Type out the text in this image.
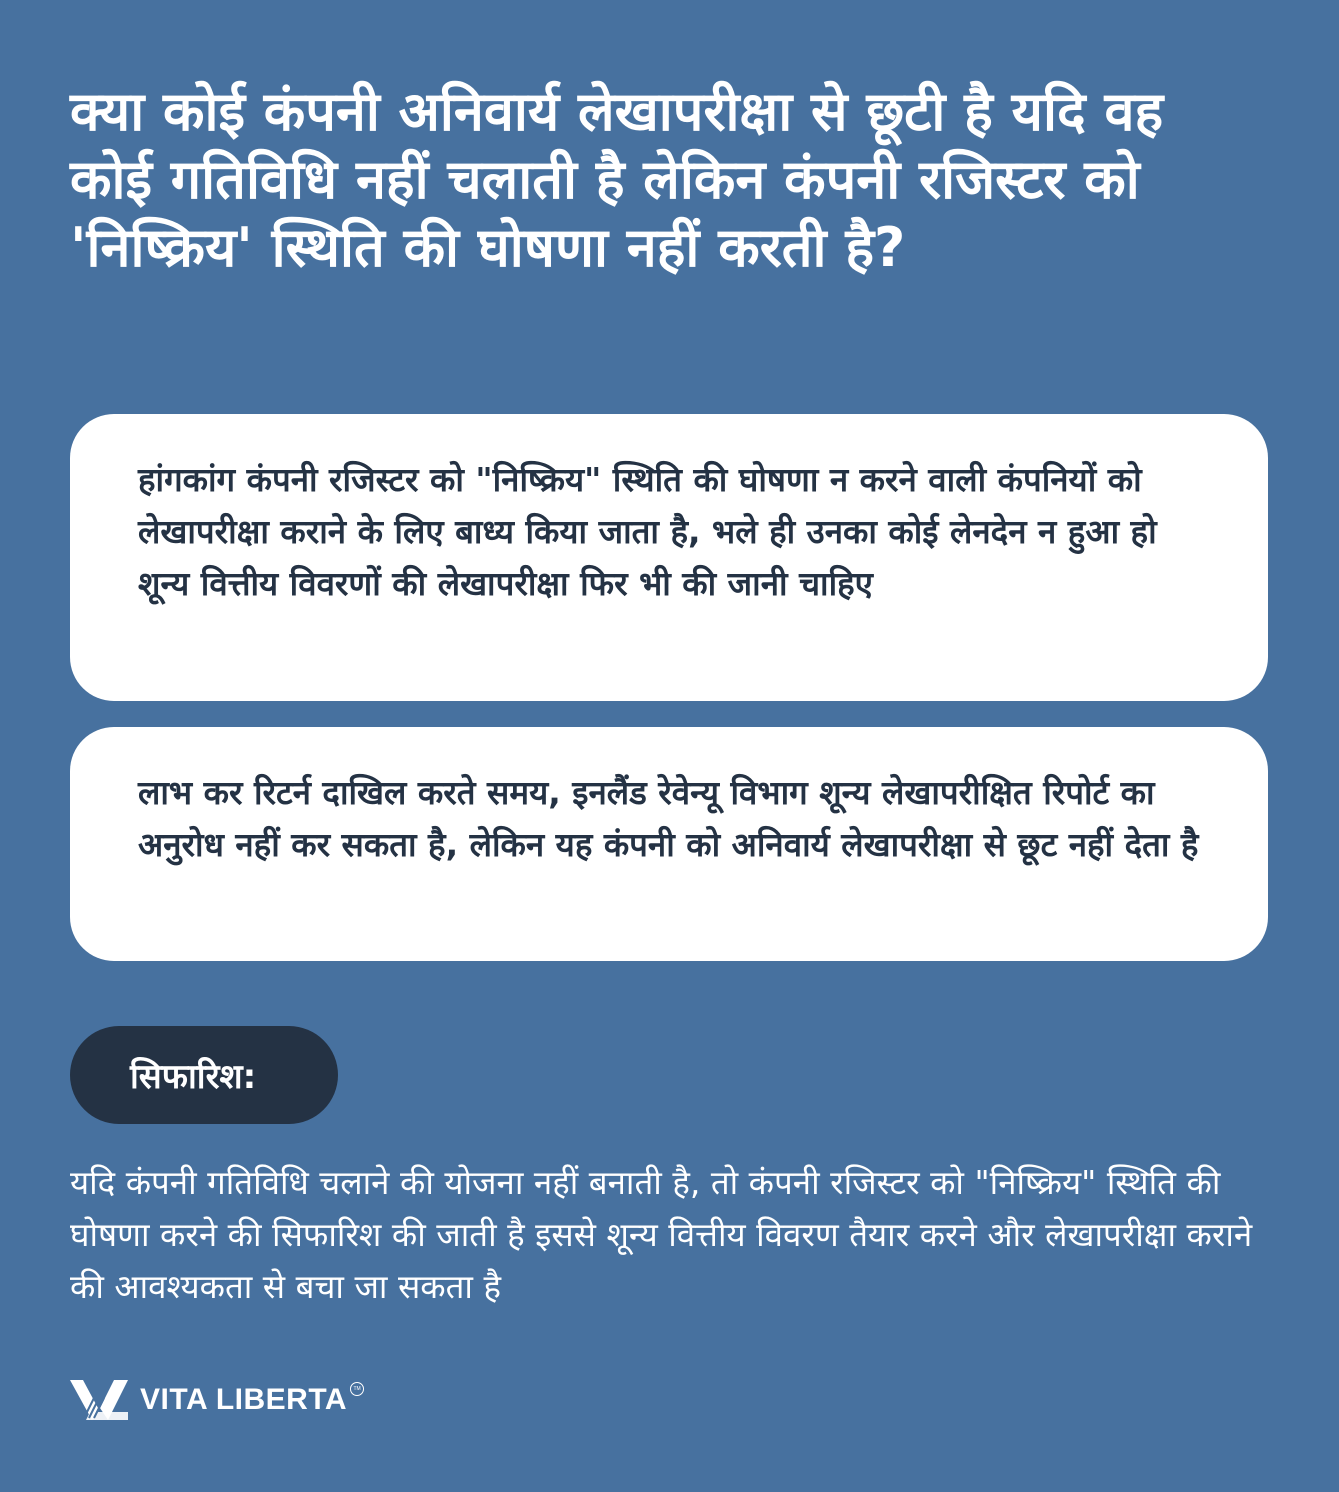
क्या कोई कंपनी अनिवार्य लेखापरीक्षा से छूटी है यदि वह कोई गतिविधि नहीं चलाती है लेकिन कंपनी रजिस्टर को 'निष्क्रिय' स्थिति की घोषणा नहीं करती है?

हांगकांग कंपनी रजिस्टर को "निष्क्रिय" स्थिति की घोषणा न करने वाली कंपनियों को लेखापरीक्षा कराने के लिए बाध्य किया जाता है, भले ही उनका कोई लेनदेन न हुआ हो शून्य वित्तीय विवरणों की लेखापरीक्षा फिर भी की जानी चाहिए

लाभ कर रिटर्न दाखिल करते समय, इनलैंड रेवेन्यू विभाग शून्य लेखापरीक्षित रिपोर्ट का अनुरोध नहीं कर सकता है, लेकिन यह कंपनी को अनिवार्य लेखापरीक्षा से छूट नहीं देता है

सिफारिश:

यदि कंपनी गतिविधि चलाने की योजना नहीं बनाती है, तो कंपनी रजिस्टर को "निष्क्रिय" स्थिति की घोषणा करने की सिफारिश की जाती है इससे शून्य वित्तीय विवरण तैयार करने और लेखापरीक्षा कराने की आवश्यकता से बचा जा सकता है

VITA LIBERTA	TM
